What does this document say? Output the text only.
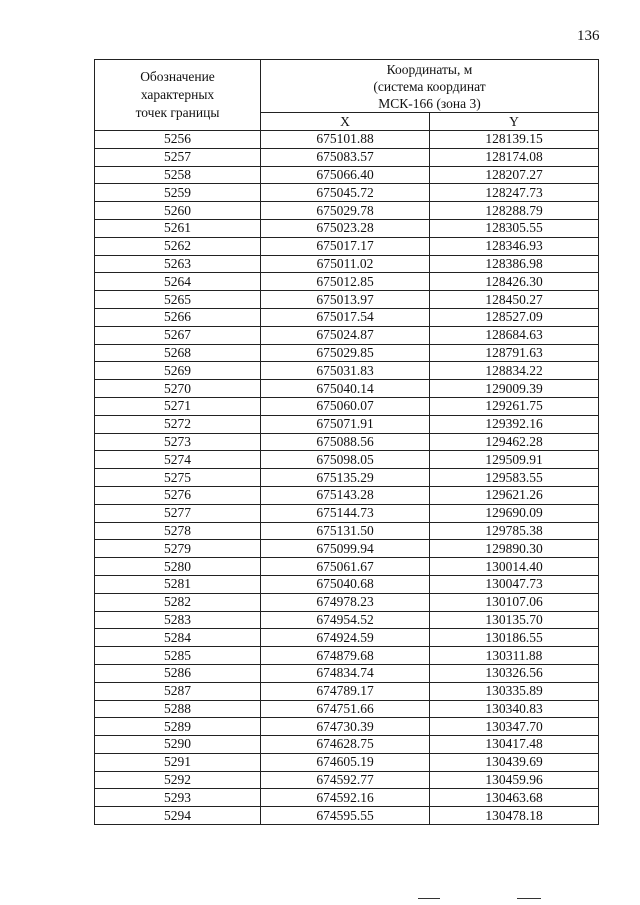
136
Обозначение
характерных
точек границы	Координаты, м
(система координат
МСК-166 (зона 3)	
	X	Y
5256	675101.88	128139.15
5257	675083.57	128174.08
5258	675066.40	128207.27
5259	675045.72	128247.73
5260	675029.78	128288.79
5261	675023.28	128305.55
5262	675017.17	128346.93
5263	675011.02	128386.98
5264	675012.85	128426.30
5265	675013.97	128450.27
5266	675017.54	128527.09
5267	675024.87	128684.63
5268	675029.85	128791.63
5269	675031.83	128834.22
5270	675040.14	129009.39
5271	675060.07	129261.75
5272	675071.91	129392.16
5273	675088.56	129462.28
5274	675098.05	129509.91
5275	675135.29	129583.55
5276	675143.28	129621.26
5277	675144.73	129690.09
5278	675131.50	129785.38
5279	675099.94	129890.30
5280	675061.67	130014.40
5281	675040.68	130047.73
5282	674978.23	130107.06
5283	674954.52	130135.70
5284	674924.59	130186.55
5285	674879.68	130311.88
5286	674834.74	130326.56
5287	674789.17	130335.89
5288	674751.66	130340.83
5289	674730.39	130347.70
5290	674628.75	130417.48
5291	674605.19	130439.69
5292	674592.77	130459.96
5293	674592.16	130463.68
5294	674595.55	130478.18
